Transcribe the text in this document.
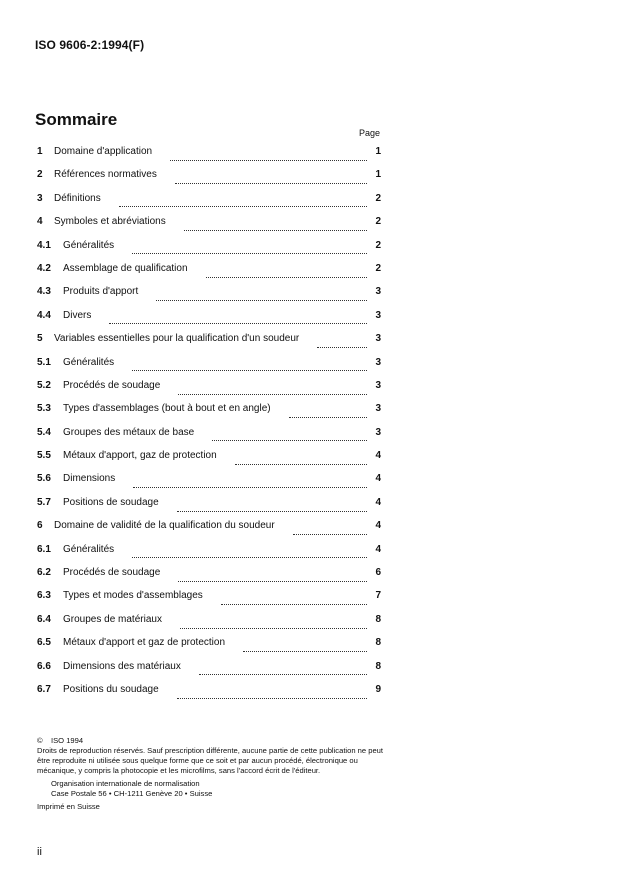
ISO 9606-2:1994(F)
Sommaire
Page
1	Domaine d'application	1
2	Références normatives	1
3	Définitions	2
4	Symboles et abréviations	2
4.1	Généralités	2
4.2	Assemblage de qualification	2
4.3	Produits d'apport	3
4.4	Divers	3
5	Variables essentielles pour la qualification d'un soudeur	3
5.1	Généralités	3
5.2	Procédés de soudage	3
5.3	Types d'assemblages (bout à bout et en angle)	3
5.4	Groupes des métaux de base	3
5.5	Métaux d'apport, gaz de protection	4
5.6	Dimensions	4
5.7	Positions de soudage	4
6	Domaine de validité de la qualification du soudeur	4
6.1	Généralités	4
6.2	Procédés de soudage	6
6.3	Types et modes d'assemblages	7
6.4	Groupes de matériaux	8
6.5	Métaux d'apport et gaz de protection	8
6.6	Dimensions des matériaux	8
6.7	Positions du soudage	9

© ISO 1994

Droits de reproduction réservés. Sauf prescription différente, aucune partie de cette publication ne peut être reproduite ni utilisée sous quelque forme que ce soit et par aucun procédé, électronique ou mécanique, y compris la photocopie et les microfilms, sans l'accord écrit de l'éditeur.

Organisation internationale de normalisation

Case Postale 56 • CH-1211 Genève 20 • Suisse

Imprimé en Suisse

ii
